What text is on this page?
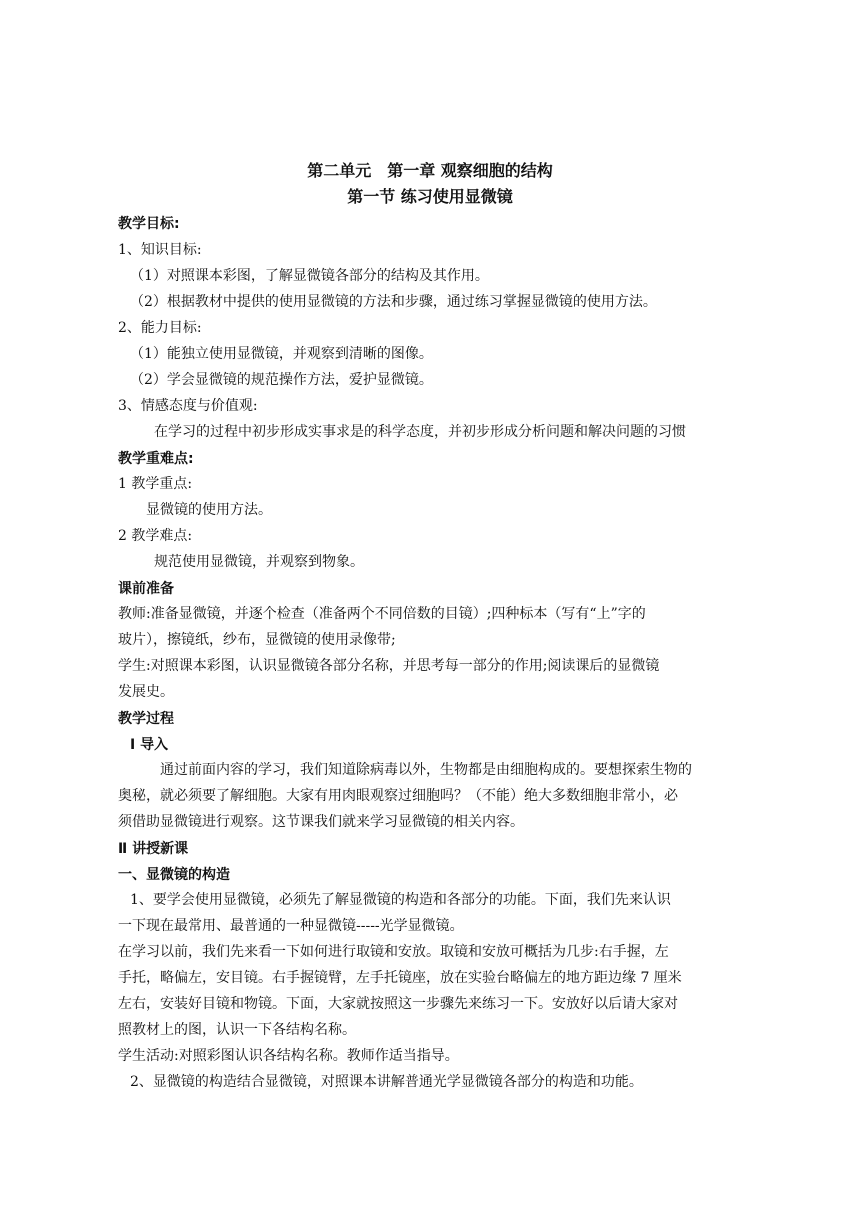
第二单元　第一章 观察细胞的结构
第一节 练习使用显微镜
教学目标:
1、知识目标:
（1）对照课本彩图，了解显微镜各部分的结构及其作用。
（2）根据教材中提供的使用显微镜的方法和步骤，通过练习掌握显微镜的使用方法。
2、能力目标:
（1）能独立使用显微镜，并观察到清晰的图像。
（2）学会显微镜的规范操作方法，爱护显微镜。
3、情感态度与价值观:
在学习的过程中初步形成实事求是的科学态度，并初步形成分析问题和解决问题的习惯
教学重难点:
1 教学重点:
显微镜的使用方法。
2 教学难点:
规范使用显微镜，并观察到物象。
课前准备
教师:准备显微镜，并逐个检查（准备两个不同倍数的目镜）;四种标本（写有“上”字的
玻片），擦镜纸，纱布，显微镜的使用录像带;
学生:对照课本彩图，认识显微镜各部分名称，并思考每一部分的作用;阅读课后的显微镜
发展史。
教学过程
Ⅰ 导入
通过前面内容的学习，我们知道除病毒以外，生物都是由细胞构成的。要想探索生物的
奥秘，就必须要了解细胞。大家有用肉眼观察过细胞吗？（不能）绝大多数细胞非常小，必
须借助显微镜进行观察。这节课我们就来学习显微镜的相关内容。
Ⅱ 讲授新课
一、显微镜的构造
1、要学会使用显微镜，必须先了解显微镜的构造和各部分的功能。下面，我们先来认识
一下现在最常用、最普通的一种显微镜-----光学显微镜。
在学习以前，我们先来看一下如何进行取镜和安放。取镜和安放可概括为几步:右手握，左
手托，略偏左，安目镜。右手握镜臂，左手托镜座，放在实验台略偏左的地方距边缘 7 厘米
左右，安装好目镜和物镜。下面，大家就按照这一步骤先来练习一下。安放好以后请大家对
照教材上的图，认识一下各结构名称。
学生活动:对照彩图认识各结构名称。教师作适当指导。
2、显微镜的构造结合显微镜，对照课本讲解普通光学显微镜各部分的构造和功能。
